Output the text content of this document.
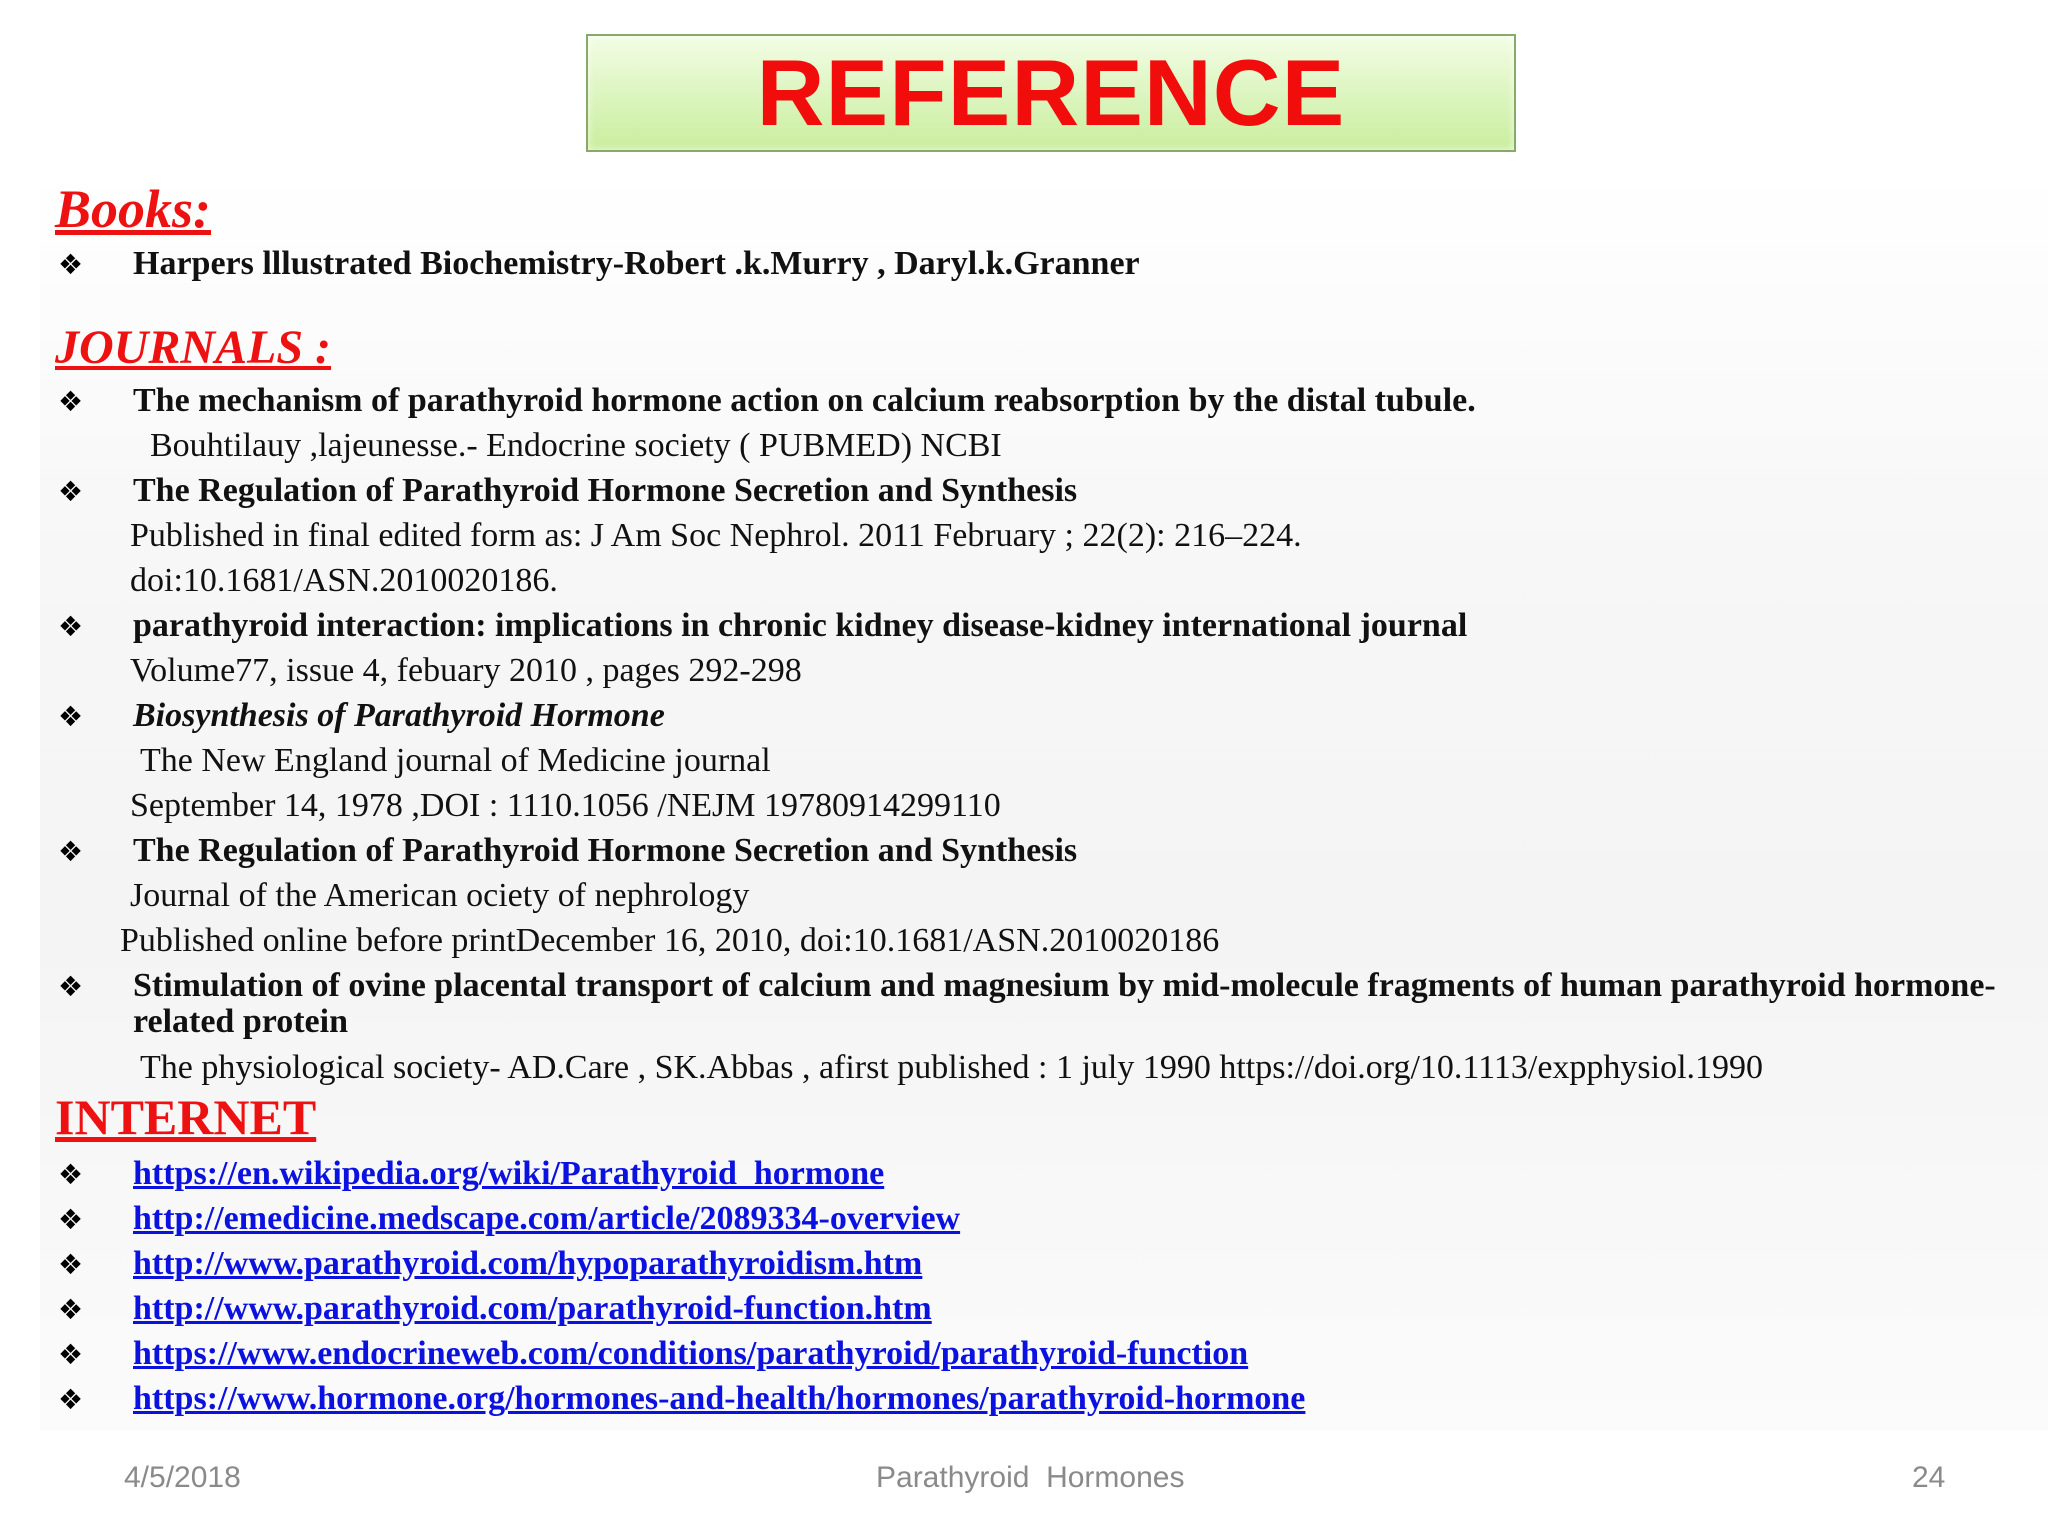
REFERENCE
Books:
❖ Harpers lllustrated Biochemistry-Robert .k.Murry , Daryl.k.Granner
JOURNALS :
❖ The mechanism of parathyroid hormone action on calcium reabsorption by the distal tubule.
Bouhtilauy ,lajeunesse.- Endocrine society ( PUBMED) NCBI
❖ The Regulation of Parathyroid Hormone Secretion and Synthesis
Published in final edited form as: J Am Soc Nephrol. 2011 February ; 22(2): 216–224.
doi:10.1681/ASN.2010020186.
❖ parathyroid interaction: implications in chronic kidney disease-kidney international journal
Volume77, issue 4, febuary 2010 , pages 292-298
❖ Biosynthesis of Parathyroid Hormone
The New England journal of Medicine journal
September 14, 1978 ,DOI : 1110.1056 /NEJM 19780914299110
❖ The Regulation of Parathyroid Hormone Secretion and Synthesis
Journal of the American ociety of nephrology
Published online before printDecember 16, 2010, doi:10.1681/ASN.2010020186
❖ Stimulation of ovine placental transport of calcium and magnesium by mid-molecule fragments of human parathyroid hormone-related protein
The physiological society- AD.Care , SK.Abbas , afirst published : 1 july 1990 https://doi.org/10.1113/expphysiol.1990
INTERNET
❖ https://en.wikipedia.org/wiki/Parathyroid_hormone
❖ http://emedicine.medscape.com/article/2089334-overview
❖ http://www.parathyroid.com/hypoparathyroidism.htm
❖ http://www.parathyroid.com/parathyroid-function.htm
❖ https://www.endocrineweb.com/conditions/parathyroid/parathyroid-function
❖ https://www.hormone.org/hormones-and-health/hormones/parathyroid-hormone
4/5/2018	Parathyroid  Hormones	24
